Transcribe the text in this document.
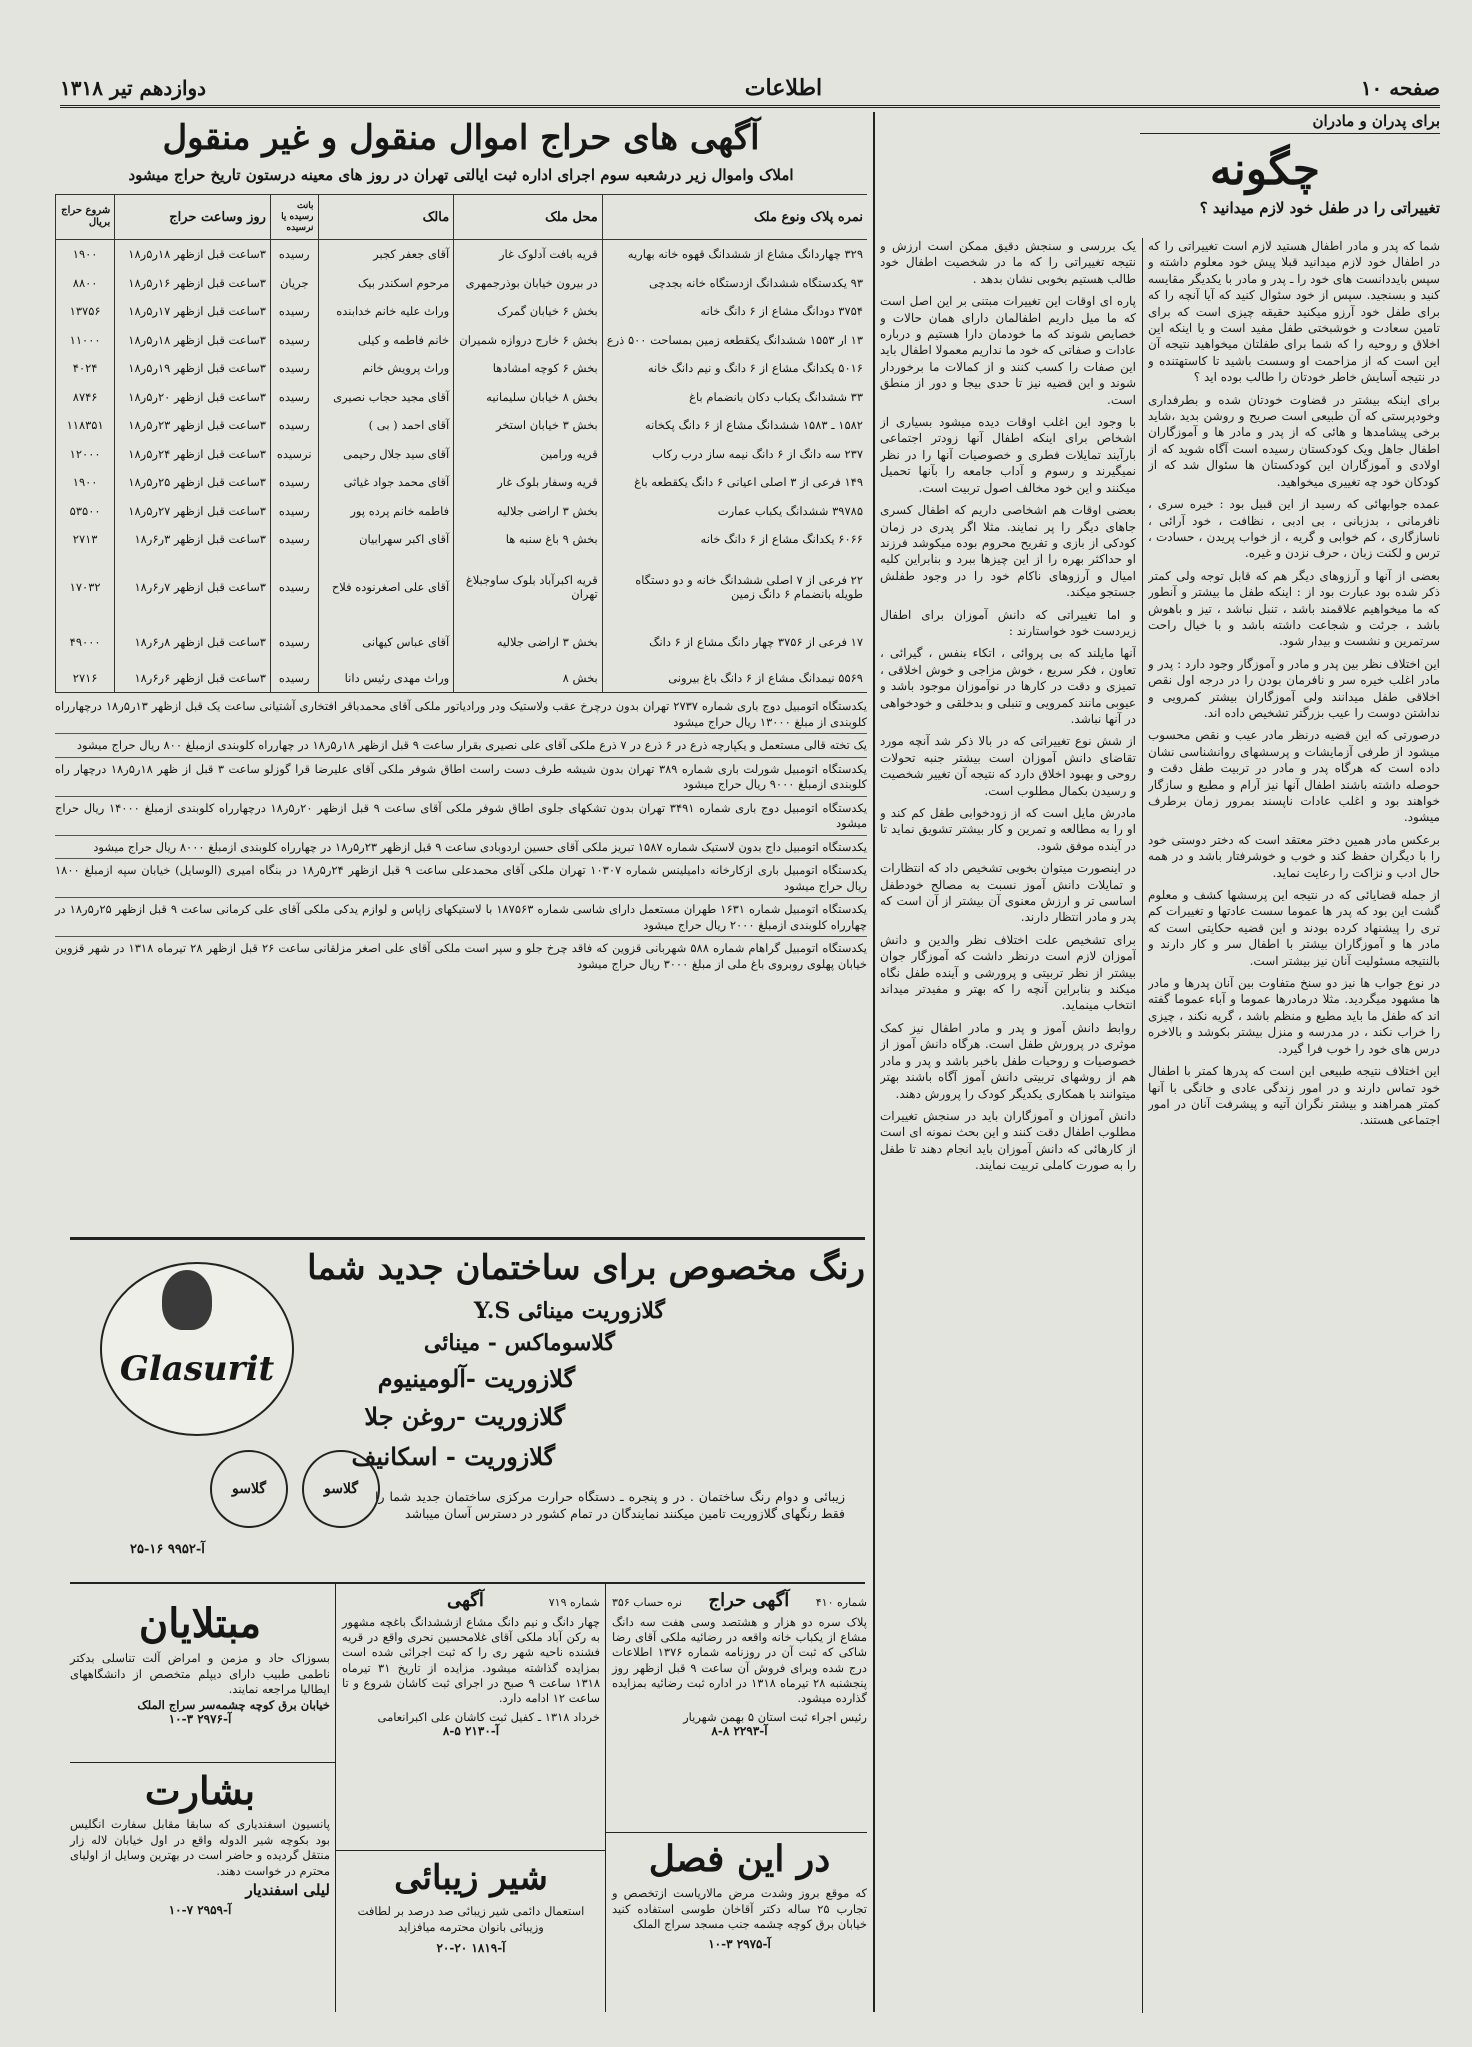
صفحه ۱۰
اطلاعات
دوازدهم تیر ۱۳۱۸
برای پدران و مادران
چگونه
تغییراتی را در طفل خود لازم میدانید ؟

شما که پدر و مادر اطفال هستید لازم است تغییراتی را که در اطفال خود لازم میدانید قبلا پیش خود معلوم داشته و سپس بایددانست های خود را ـ پدر و مادر با یکدیگر مقایسه کنید و بسنجید. سپس از خود سئوال کنید که آیا آنچه را که برای طفل خود آرزو میکنید حقیقه چیزی است که برای تامین سعادت و خوشبختی طفل مفید است و یا اینکه این اخلاق و روحیه را که شما برای طفلتان میخواهید نتیجه آن این است که از مزاحمت او وسست باشید تا کاستهتنده و در نتیجه آسایش خاطر خودتان را طالب بوده اید ؟

برای اینکه بیشتر در قضاوت خودتان شده و بطرفداری وخودپرستی که آن طبیعی است صریح و روشن بدید ،شاید برخی پیشامدها و هائی که از پدر و مادر ها و آموزگاران اطفال جاهل ویک کودکستان رسیده است آگاه شوید که از اولادی و آموزگاران این کودکستان ها سئوال شد که از کودکان خود چه تغییری میخواهید.

عمده جوابهائی که رسید از این قبیل بود : خیره سری ، نافرمانی ، بدزبانی ، بی ادبی ، نظافت ، خود آرائی ، ناسازگاری ، کم خوابی و گریه ، از خواب پریدن ، حسادت ، ترس و لکنت زبان ، حرف نزدن و غیره.

بعضی از آنها و آرزوهای دیگر هم که قابل توجه ولی کمتر ذکر شده بود عبارت بود از : اینکه طفل ما بیشتر و آنطور که ما میخواهیم علاقمند باشد ، تنبل نباشد ، تیز و باهوش باشد ، جرئت و شجاعت داشته باشد و با خیال راحت سرتمرین و نشست و بیدار شود.

این اختلاف نظر بین پدر و مادر و آموزگار وجود دارد : پدر و مادر اغلب خیره سر و نافرمان بودن را در درجه اول نقص اخلاقی طفل میدانند ولی آموزگاران بیشتر کمرویی و نداشتن دوست را عیب بزرگتر تشخیص داده اند.

درصورتی که این قضیه درنظر مادر عیب و نقص محسوب میشود از طرفی آزمایشات و پرسشهای روانشناسی نشان داده است که هرگاه پدر و مادر در تربیت طفل دقت و حوصله داشته باشند اطفال آنها نیز آرام و مطیع و سازگار خواهند بود و اغلب عادات ناپسند بمرور زمان برطرف میشود.

برعکس مادر همین دختر معتقد است که دختر دوستی خود را با دیگران حفظ کند و خوب و خوشرفتار باشد و در همه حال ادب و نزاکت را رعایت نماید.

از جمله قضایائی که در نتیجه این پرسشها کشف و معلوم گشت این بود که پدر ها عموما سست عادتها و تغییرات کم تری را پیشنهاد کرده بودند و این قضیه حکایتی است که مادر ها و آموزگاران بیشتر با اطفال سر و کار دارند و بالنتیجه مسئولیت آنان نیز بیشتر است.

در نوع جواب ها نیز دو سنخ متفاوت بین آنان پدرها و مادر ها مشهود میگردید. مثلا درمادرها عموما و آباء عموما گفته اند که طفل ما باید مطیع و منظم باشد ، گریه نکند ، چیزی را خراب نکند ، در مدرسه و منزل بیشتر بکوشد و بالاخره درس های خود را خوب فرا گیرد.

این اختلاف نتیجه طبیعی این است که پدرها کمتر با اطفال خود تماس دارند و در امور زندگی عادی و خانگی با آنها کمتر همراهند و بیشتر نگران آتیه و پیشرفت آنان در امور اجتماعی هستند.

یک بررسی و سنجش دقیق ممکن است ارزش و نتیجه تغییراتی را که ما در شخصیت اطفال خود طالب هستیم بخوبی نشان بدهد .

پاره ای اوقات این تغییرات مبتنی بر این اصل است که ما میل داریم اطفالمان دارای همان حالات و خصایص شوند که ما خودمان دارا هستیم و درباره عادات و صفاتی که خود ما نداریم معمولا اطفال باید این صفات را کسب کنند و از کمالات ما برخوردار شوند و این قضیه نیز تا حدی بیجا و دور از منطق است.

با وجود این اغلب اوقات دیده میشود بسیاری از اشخاص برای اینکه اطفال آنها زودتر اجتماعی بارآیند تمایلات فطری و خصوصیات آنها را در نظر نمیگیرند و رسوم و آداب جامعه را بآنها تحمیل میکنند و این خود مخالف اصول تربیت است.

بعضی اوقات هم اشخاصی داریم که اطفال کسری جاهای دیگر را پر نمایند. مثلا اگر پدری در زمان کودکی از بازی و تفریح محروم بوده میکوشد فرزند او حداکثر بهره را از این چیزها ببرد و بنابراین کلیه امیال و آرزوهای ناکام خود را در وجود طفلش جستجو میکند.

و اما تغییراتی که دانش آموزان برای اطفال زیردست خود خواستارند :

آنها مایلند که بی پروائی ، اتکاء بنفس ، گیرائی ، تعاون ، فکر سریع ، خوش مزاجی و خوش اخلاقی ، تمیزی و دقت در کارها در نوآموزان موجود باشد و عیوبی مانند کمرویی و تنبلی و بدخلقی و خودخواهی در آنها نباشد.

از شش نوع تغییراتی که در بالا ذکر شد آنچه مورد تقاضای دانش آموزان است بیشتر جنبه تحولات روحی و بهبود اخلاق دارد که نتیجه آن تغییر شخصیت و رسیدن بکمال مطلوب است.

مادرش مایل است که از زودخوابی طفل کم کند و او را به مطالعه و تمرین و کار بیشتر تشویق نماید تا در آینده موفق شود.

در اینصورت میتوان بخوبی تشخیص داد که انتظارات و تمایلات دانش آموز نسبت به مصالح خودطفل اساسی تر و ارزش معنوی آن بیشتر از آن است که پدر و مادر انتظار دارند.

برای تشخیص علت اختلاف نظر والدین و دانش آموزان لازم است درنظر داشت که آموزگار جوان بیشتر از نظر تربیتی و پرورشی و آینده طفل نگاه میکند و بنابراین آنچه را که بهتر و مفیدتر میداند انتخاب مینماید.

روابط دانش آموز و پدر و مادر اطفال نیز کمک موثری در پرورش طفل است. هرگاه دانش آموز از خصوصیات و روحیات طفل باخبر باشد و پدر و مادر هم از روشهای تربیتی دانش آموز آگاه باشند بهتر میتوانند با همکاری یکدیگر کودک را پرورش دهند.

دانش آموزان و آموزگاران باید در سنجش تغییرات مطلوب اطفال دقت کنند و این بحث نمونه ای است از کارهائی که دانش آموزان باید انجام دهند تا طفل را به صورت کاملی تربیت نمایند.

آگهی های حراج اموال منقول و غیر منقول
املاک واموال زیر درشعبه سوم اجرای اداره ثبت ایالتی تهران در روز های معینه درستون تاریخ حراج میشود
نمره پلاک ونوع ملک	محل ملک	مالک	بانت رسیده یا نرسیده	روز وساعت حراج	شروع حراج بریال
۳۲۹ چهاردانگ مشاع از ششدانگ قهوه خانه بهاریه	قریه بافت آدلوک غار	آقای جعفر کجبر	رسیده	۳ساعت قبل ازظهر ۱۸ر۵ر۱۸	۱۹۰۰
۹۳ یکدستگاه ششدانگ ازدستگاه خانه بجدچی	در بیرون خیابان بوذرجمهری	مرحوم اسکندر بیک	جریان	۳ساعت قبل ازظهر ۱۶ر۵ر۱۸	۸۸۰۰
۳۷۵۴ دودانگ مشاع از ۶ دانگ خانه	بخش ۶ خیابان گمرک	وراث علیه خانم خدابنده	رسیده	۳ساعت قبل ازظهر ۱۷ر۵ر۱۸	۱۳۷۵۶
۱۳ ار ۱۵۵۳ ششدانگ یکقطعه زمین بمساحت ۵۰۰ ذرع	بخش ۶ خارج دروازه شمیران	خانم فاطمه و کیلی	رسیده	۳ساعت قبل ازظهر ۱۸ر۵ر۱۸	۱۱۰۰۰
۵۰۱۶ یکدانگ مشاع از ۶ دانگ و نیم دانگ خانه	بخش ۶ کوچه امشادها	وراث پرویش خانم	رسیده	۳ساعت قبل ازظهر ۱۹ر۵ر۱۸	۴۰۲۴
۳۳ ششدانگ یکباب دکان بانضمام باغ	بخش ۸ خیابان سلیمانیه	آقای مجید حجاب نصیری	رسیده	۳ساعت قبل ازظهر ۲۰ر۵ر۱۸	۸۷۴۶
۱۵۸۲ ـ ۱۵۸۳ ششدانگ مشاع از ۶ دانگ پکخانه	بخش ۳ خیابان استخر	آقای احمد ( بی )	رسیده	۳ساعت قبل ازظهر ۲۳ر۵ر۱۸	۱۱۸۳۵۱
۲۳۷ سه دانگ از ۶ دانگ نیمه ساز درب رکاب	قریه ورامین	آقای سید جلال رحیمی	نرسیده	۳ساعت قبل ازظهر ۲۴ر۵ر۱۸	۱۲۰۰۰
۱۴۹ فرعی از ۳ اصلی اعیانی ۶ دانگ یکقطعه باغ	قریه وسفار بلوک غار	آقای محمد جواد غیاثی	رسیده	۳ساعت قبل ازظهر ۲۵ر۵ر۱۸	۱۹۰۰
۳۹۷۸۵ ششدانگ یکباب عمارت	بخش ۳ اراضی جلالیه	فاطمه خانم پرده پور	رسیده	۳ساعت قبل ازظهر ۲۷ر۵ر۱۸	۵۳۵۰۰
۶۰۶۶ یکدانگ مشاع از ۶ دانگ خانه	بخش ۹ باغ سنبه ها	آقای اکبر سهرابیان	رسیده	۳ساعت قبل ازظهر ۳ر۶ر۱۸	۲۷۱۳
۲۲ فرعی از ۷ اصلی ششدانگ خانه و دو دستگاه طویله بانضمام ۶ دانگ زمین	قریه اکبرآباد بلوک ساوجبلاغ تهران	آقای علی اصغرنوده فلاح	رسیده	۳ساعت قبل ازظهر ۷ر۶ر۱۸	۱۷۰۳۲
۱۷ فرعی از ۳۷۵۶ چهار دانگ مشاع از ۶ دانگ	بخش ۳ اراضی جلالیه	آقای عباس کیهانی	رسیده	۳ساعت قبل ازظهر ۸ر۶ر۱۸	۴۹۰۰۰
۵۵۶۹ نیمدانگ مشاع از ۶ دانگ باغ بیرونی	بخش ۸	وراث مهدی رئیس دانا	رسیده	۳ساعت قبل ازظهر ۶ر۶ر۱۸	۲۷۱۶

یکدستگاه اتومبیل دوج باری شماره ۲۷۳۷ تهران بدون درچرخ عقب ولاستیک ودر ورادیاتور ملکی آقای محمدباقر افتخاری آشتیانی ساعت یک قبل ازظهر ۱۳ر۵ر۱۸ درچهارراه کلوبندی از مبلغ ۱۳۰۰۰ ریال حراج میشود

یک تخته قالی مستعمل و یکپارچه ذرع در ۶ ذرع در ۷ ذرع ملکی آقای علی نصیری بقرار ساعت ۹ قبل ازظهر ۱۸ر۵ر۱۸ در چهارراه کلوبندی ازمبلغ ۸۰۰ ریال حراج میشود

یکدستگاه اتومبیل شورلت باری شماره ۳۸۹ تهران بدون شیشه طرف دست راست اطاق شوفر ملکی آقای علیرضا قرا گوزلو ساعت ۳ قبل از ظهر ۱۸ر۵ر۱۸ درچهار راه کلوبندی ازمبلغ ۹۰۰۰ ریال حراج میشود

یکدستگاه اتومبیل دوج باری شماره ۳۴۹۱ تهران بدون تشکهای جلوی اطاق شوفر ملکی آقای ساعت ۹ قبل ازظهر ۲۰ر۵ر۱۸ درچهارراه کلوبندی ازمبلغ ۱۴۰۰۰ ریال حراج میشود

یکدستگاه اتومبیل داج بدون لاستیک شماره ۱۵۸۷ تبریز ملکی آقای حسین اردوبادی ساعت ۹ قبل ازظهر ۲۳ر۵ر۱۸ در چهارراه کلوبندی ازمبلغ ۸۰۰۰ ریال حراج میشود

یکدستگاه اتومبیل باری ازکارخانه دامیلینس شماره ۱۰۳۰۷ تهران ملکی آقای محمدعلی ساعت ۹ قبل ازظهر ۲۴ر۵ر۱۸ در بنگاه امیری (الوسایل) خیابان سپه ازمبلغ ۱۸۰۰ ریال حراج میشود

یکدستگاه اتومبیل شماره ۱۶۳۱ طهران مستعمل دارای شاسی شماره ۱۸۷۵۶۳ با لاستیکهای زاپاس و لوازم یدکی ملکی آقای علی کرمانی ساعت ۹ قبل ازظهر ۲۵ر۵ر۱۸ در چهارراه کلوبندی ازمبلغ ۲۰۰۰ ریال حراج میشود

یکدستگاه اتومبیل گراهام شماره ۵۸۸ شهربانی قزوین که فاقد چرخ جلو و سپر است ملکی آقای علی اصغر مزلقانی ساعت ۲۶ قبل ازظهر ۲۸ تیرماه ۱۳۱۸ در شهر قزوین خیابان پهلوی روبروی باغ ملی از مبلغ ۳۰۰۰ ریال حراج میشود

رنگ مخصوص برای ساختمان جدید شما
Glasurit
گلازوریت مینائی Y.S
گلاسوماکس - مینائی
گلازوریت -آلومینیوم
گلازوریت -روغن جلا
گلازوریت - اسکانیف
زیبائی و دوام رنگ ساختمان . در و پنجره ـ دستگاه حرارت مرکزی ساختمان جدید شما را فقط رنگهای گلازوریت تامین میکنند نمایندگان در تمام کشور در دسترس آسان میباشد
گلاسو	گلاسو
آ-۹۹۵۲ ۱۶-۲۵
شماره ۴۱۰
آگهی حراج
نره حساب ۳۵۶
پلاک سره دو هزار و هشتصد وسی هفت سه دانگ مشاع از یکباب خانه واقعه در رضائیه ملکی آقای رضا شاکی که ثبت آن در روزنامه شماره ۱۳۷۶ اطلاعات درج شده وبرای فروش آن ساعت ۹ قبل ازظهر روز پنجشنبه ۲۸ تیرماه ۱۳۱۸ در اداره ثبت رضائیه بمزایده گذارده میشود.
رئیس اجراء ثبت استان ۵ بهمن شهریار
آ-۲۲۹۳ ۸-۸
شماره ۷۱۹
آگهی
چهار دانگ و نیم دانگ مشاع ازششدانگ باغچه مشهور به رکن آباد ملکی آقای غلامحسین نحری واقع در قریه فشنده ناحیه شهر ری را که ثبت اجرائی شده است بمزایده گذاشته میشود. مزایده از تاریخ ۳۱ تیرماه ۱۳۱۸ ساعت ۹ صبح در اجرای ثبت کاشان شروع و تا ساعت ۱۲ ادامه دارد.
خرداد ۱۳۱۸ ـ کفیل ثبت کاشان علی اکبرانعامی
آ-۲۱۳۰ ۵-۸
مبتلایان
بسوزاک حاد و مزمن و امراض آلت تناسلی بدکتر ناطمی طبیب دارای دیپلم متخصص از دانشگاههای ایطالیا مراجعه نمایند.
خیابان برق کوچه چشمه‌سر سراج الملک
آ-۲۹۷۶ ۳-۱۰
بشارت
پانسیون اسفندیاری که سابقا مقابل سفارت انگلیس بود بکوچه شیر الدوله واقع در اول خیابان لاله زار منتقل گردیده و حاضر است در بهترین وسایل از اولیای محترم در خواست دهند.
لیلی اسفندیار
آ-۲۹۵۹ ۷-۱۰
شیر زیبائی
استعمال دائمی شیر زیبائی صد درصد بر لطافت وزیبائی بانوان محترمه میافزاید
آ-۱۸۱۹ ۲۰-۲۰
در این فصل
که موقع بروز وشدت مرض مالاریاست ازتخصص و تجارب ۲۵ ساله دکتر آقاخان طوسی استفاده کنید خیابان برق کوچه چشمه جنب مسجد سراج الملک
آ-۲۹۷۵ ۳-۱۰
